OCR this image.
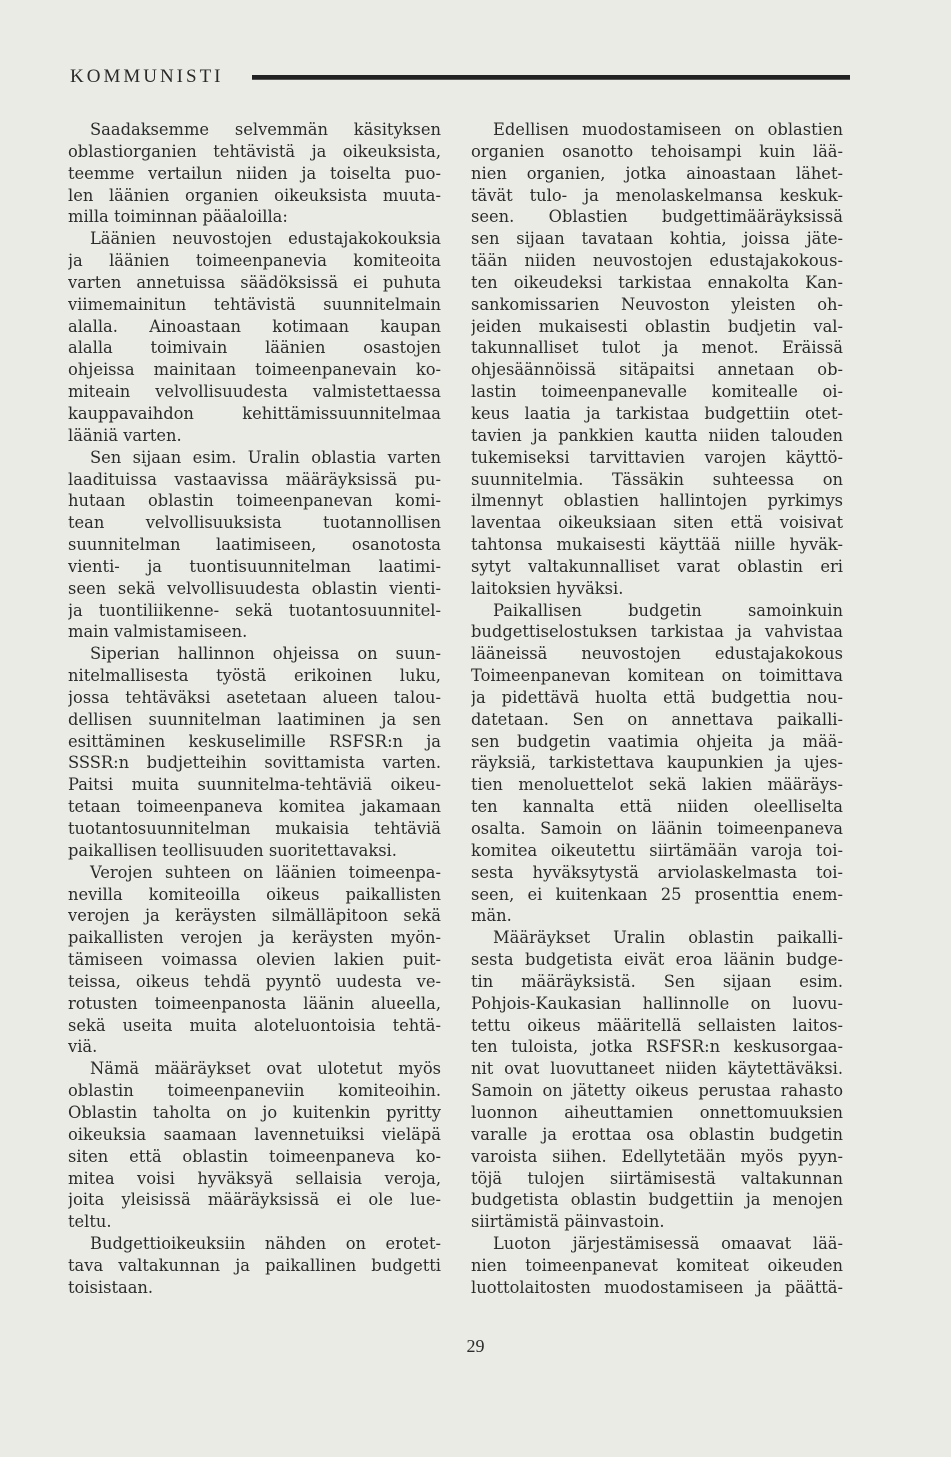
KOMMUNISTI
Saadaksemme selvemmän käsityksen
oblastiorganien tehtävistä ja oikeuksista,
teemme vertailun niiden ja toiselta puo-
len läänien organien oikeuksista muuta-
milla toiminnan pääaloilla:
Läänien neuvostojen edustajakokouksia
ja läänien toimeenpanevia komiteoita
varten annetuissa säädöksissä ei puhuta
viimemainitun tehtävistä suunnitelmain
alalla. Ainoastaan kotimaan kaupan
alalla toimivain läänien osastojen
ohjeissa mainitaan toimeenpanevain ko-
miteain velvollisuudesta valmistettaessa
kauppavaihdon kehittämissuunnitelmaa
lääniä varten.
Sen sijaan esim. Uralin oblastia varten
laadituissa vastaavissa määräyksissä pu-
hutaan oblastin toimeenpanevan komi-
tean velvollisuuksista tuotannollisen
suunnitelman laatimiseen, osanotosta
vienti- ja tuontisuunnitelman laatimi-
seen sekä velvollisuudesta oblastin vienti-
ja tuontiliikenne- sekä tuotantosuunnitel-
main valmistamiseen.
Siperian hallinnon ohjeissa on suun-
nitelmallisesta työstä erikoinen luku,
jossa tehtäväksi asetetaan alueen talou-
dellisen suunnitelman laatiminen ja sen
esittäminen keskuselimille RSFSR:n ja
SSSR:n budjetteihin sovittamista varten.
Paitsi muita suunnitelma-tehtäviä oikeu-
tetaan toimeenpaneva komitea jakamaan
tuotantosuunnitelman mukaisia tehtäviä
paikallisen teollisuuden suoritettavaksi.
Verojen suhteen on läänien toimeenpa-
nevilla komiteoilla oikeus paikallisten
verojen ja keräysten silmälläpitoon sekä
paikallisten verojen ja keräysten myön-
tämiseen voimassa olevien lakien puit-
teissa, oikeus tehdä pyyntö uudesta ve-
rotusten toimeenpanosta läänin alueella,
sekä useita muita aloteluontoisia tehtä-
viä.
Nämä määräykset ovat ulotetut myös
oblastin toimeenpaneviin komiteoihin.
Oblastin taholta on jo kuitenkin pyritty
oikeuksia saamaan lavennetuiksi vieläpä
siten että oblastin toimeenpaneva ko-
mitea voisi hyväksyä sellaisia veroja,
joita yleisissä määräyksissä ei ole lue-
teltu.
Budgettioikeuksiin nähden on erotet-
tava valtakunnan ja paikallinen budgetti
toisistaan.
Edellisen muodostamiseen on oblastien
organien osanotto tehoisampi kuin lää-
nien organien, jotka ainoastaan lähet-
tävät tulo- ja menolaskelmansa keskuk-
seen. Oblastien budgettimääräyksissä
sen sijaan tavataan kohtia, joissa jäte-
tään niiden neuvostojen edustajakokous-
ten oikeudeksi tarkistaa ennakolta Kan-
sankomissarien Neuvoston yleisten oh-
jeiden mukaisesti oblastin budjetin val-
takunnalliset tulot ja menot. Eräissä
ohjesäännöissä sitäpaitsi annetaan ob-
lastin toimeenpanevalle komitealle oi-
keus laatia ja tarkistaa budgettiin otet-
tavien ja pankkien kautta niiden talouden
tukemiseksi tarvittavien varojen käyttö-
suunnitelmia. Tässäkin suhteessa on
ilmennyt oblastien hallintojen pyrkimys
laventaa oikeuksiaan siten että voisivat
tahtonsa mukaisesti käyttää niille hyväk-
sytyt valtakunnalliset varat oblastin eri
laitoksien hyväksi.
Paikallisen budgetin samoinkuin
budgettiselostuksen tarkistaa ja vahvistaa
lääneissä neuvostojen edustajakokous
Toimeenpanevan komitean on toimittava
ja pidettävä huolta että budgettia nou-
datetaan. Sen on annettava paikalli-
sen budgetin vaatimia ohjeita ja mää-
räyksiä, tarkistettava kaupunkien ja ujes-
tien menoluettelot sekä lakien määräys-
ten kannalta että niiden oleelliselta
osalta. Samoin on läänin toimeenpaneva
komitea oikeutettu siirtämään varoja toi-
sesta hyväksytystä arviolaskelmasta toi-
seen, ei kuitenkaan 25 prosenttia enem-
män.
Määräykset Uralin oblastin paikalli-
sesta budgetista eivät eroa läänin budge-
tin määräyksistä. Sen sijaan esim.
Pohjois-Kaukasian hallinnolle on luovu-
tettu oikeus määritellä sellaisten laitos-
ten tuloista, jotka RSFSR:n keskusorgaa-
nit ovat luovuttaneet niiden käytettäväksi.
Samoin on jätetty oikeus perustaa rahasto
luonnon aiheuttamien onnettomuuksien
varalle ja erottaa osa oblastin budgetin
varoista siihen. Edellytetään myös pyyn-
töjä tulojen siirtämisestä valtakunnan
budgetista oblastin budgettiin ja menojen
siirtämistä päinvastoin.
Luoton järjestämisessä omaavat lää-
nien toimeenpanevat komiteat oikeuden
luottolaitosten muodostamiseen ja päättä-
29
